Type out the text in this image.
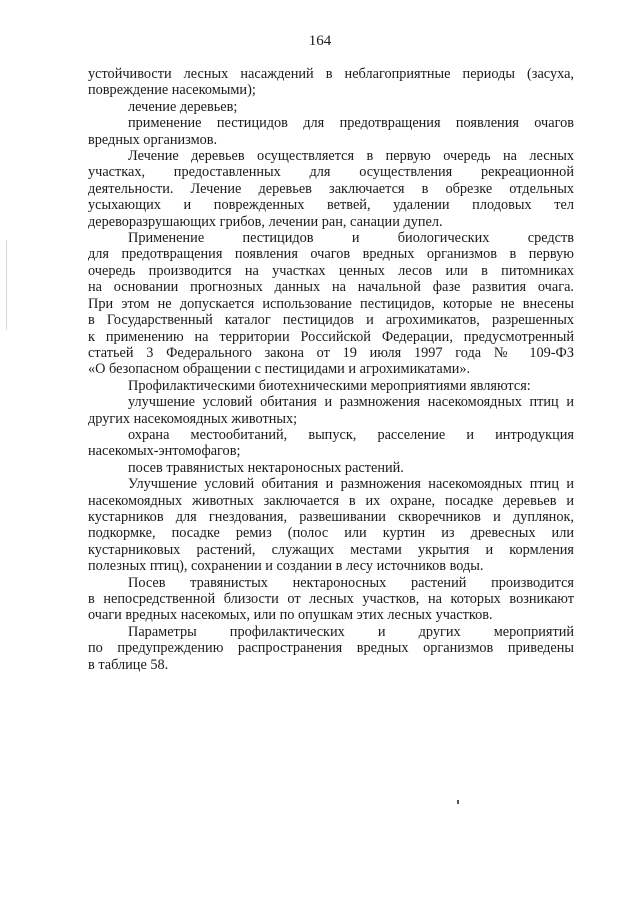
164

устойчивости лесных насаждений в неблагоприятные периоды (засуха,
повреждение насекомыми);

лечение деревьев;

применение пестицидов для предотвращения появления очагов
вредных организмов.

Лечение деревьев осуществляется в первую очередь на лесных
участках, предоставленных для осуществления рекреационной
деятельности. Лечение деревьев заключается в обрезке отдельных
усыхающих и поврежденных ветвей, удалении плодовых тел
дереворазрушающих грибов, лечении ран, санации дупел.

Применение пестицидов и биологических средств
для предотвращения появления очагов вредных организмов в первую
очередь производится на участках ценных лесов или в питомниках
на основании прогнозных данных на начальной фазе развития очага.
При этом не допускается использование пестицидов, которые не внесены
в Государственный каталог пестицидов и агрохимикатов, разрешенных
к применению на территории Российской Федерации, предусмотренный
статьей 3 Федерального закона от 19 июля 1997 года № 109-ФЗ
«О безопасном обращении с пестицидами и агрохимикатами».

Профилактическими биотехническими мероприятиями являются:

улучшение условий обитания и размножения насекомоядных птиц и
других насекомоядных животных;

охрана местообитаний, выпуск, расселение и интродукция
насекомых-энтомофагов;

посев травянистых нектароносных растений.

Улучшение условий обитания и размножения насекомоядных птиц и
насекомоядных животных заключается в их охране, посадке деревьев и
кустарников для гнездования, развешивании скворечников и дуплянок,
подкормке, посадке ремиз (полос или куртин из древесных или
кустарниковых растений, служащих местами укрытия и кормления
полезных птиц), сохранении и создании в лесу источников воды.

Посев травянистых нектароносных растений производится
в непосредственной близости от лесных участков, на которых возникают
очаги вредных насекомых, или по опушкам этих лесных участков.

Параметры профилактических и других мероприятий
по предупреждению распространения вредных организмов приведены
в таблице 58.
